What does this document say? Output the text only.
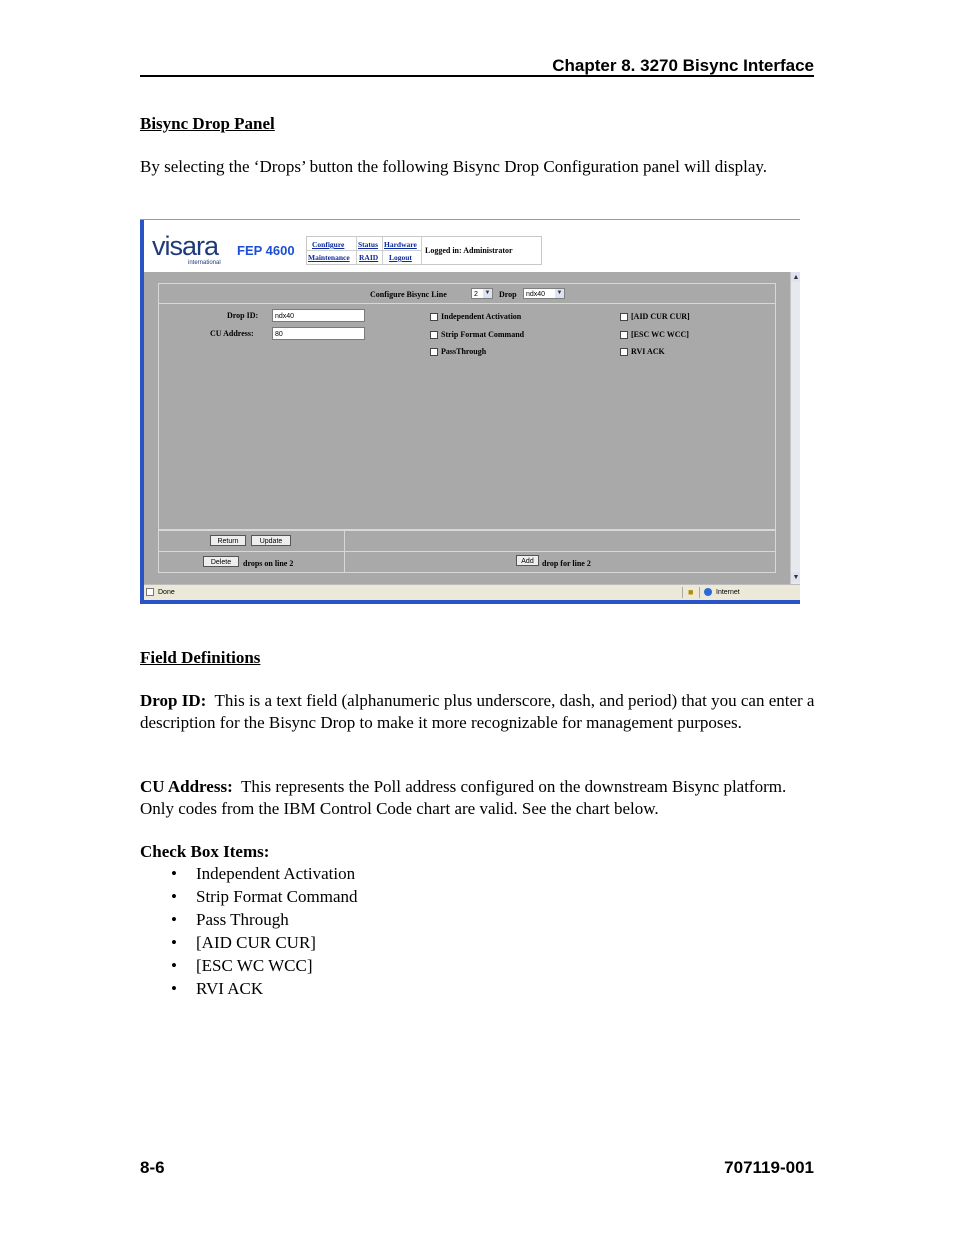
Chapter 8. 3270 Bisync Interface
Bisync Drop Panel
By selecting the ‘Drops’ button the following Bisync Drop Configuration panel will display.
visara
international
FEP 4600 Configure Status Hardware
Maintenance RAID Logout
Logged in: Administrator
Configure Bisync Line	2 ▼ Drop	ndx40 ▼
Drop ID:	ndx40
CU Address:	80
Independent Activation
Strip Format Command
PassThrough
[AID CUR CUR]
[ESC WC WCC]
RVI ACK
Return	Update
Delete	drops on line 2	Add	drop for line 2
▲
▼
Done	■	Internet
Field Definitions
Drop ID: This is a text field (alphanumeric plus underscore, dash, and period) that you can enter a description for the Bisync Drop to make it more recognizable for management purposes.
CU Address: This represents the Poll address configured on the downstream Bisync platform. Only codes from the IBM Control Code chart are valid. See the chart below.
Check Box Items:
• Independent Activation
• Strip Format Command
• Pass Through
• [AID CUR CUR]
• [ESC WC WCC]
• RVI ACK
8-6	707119-001
